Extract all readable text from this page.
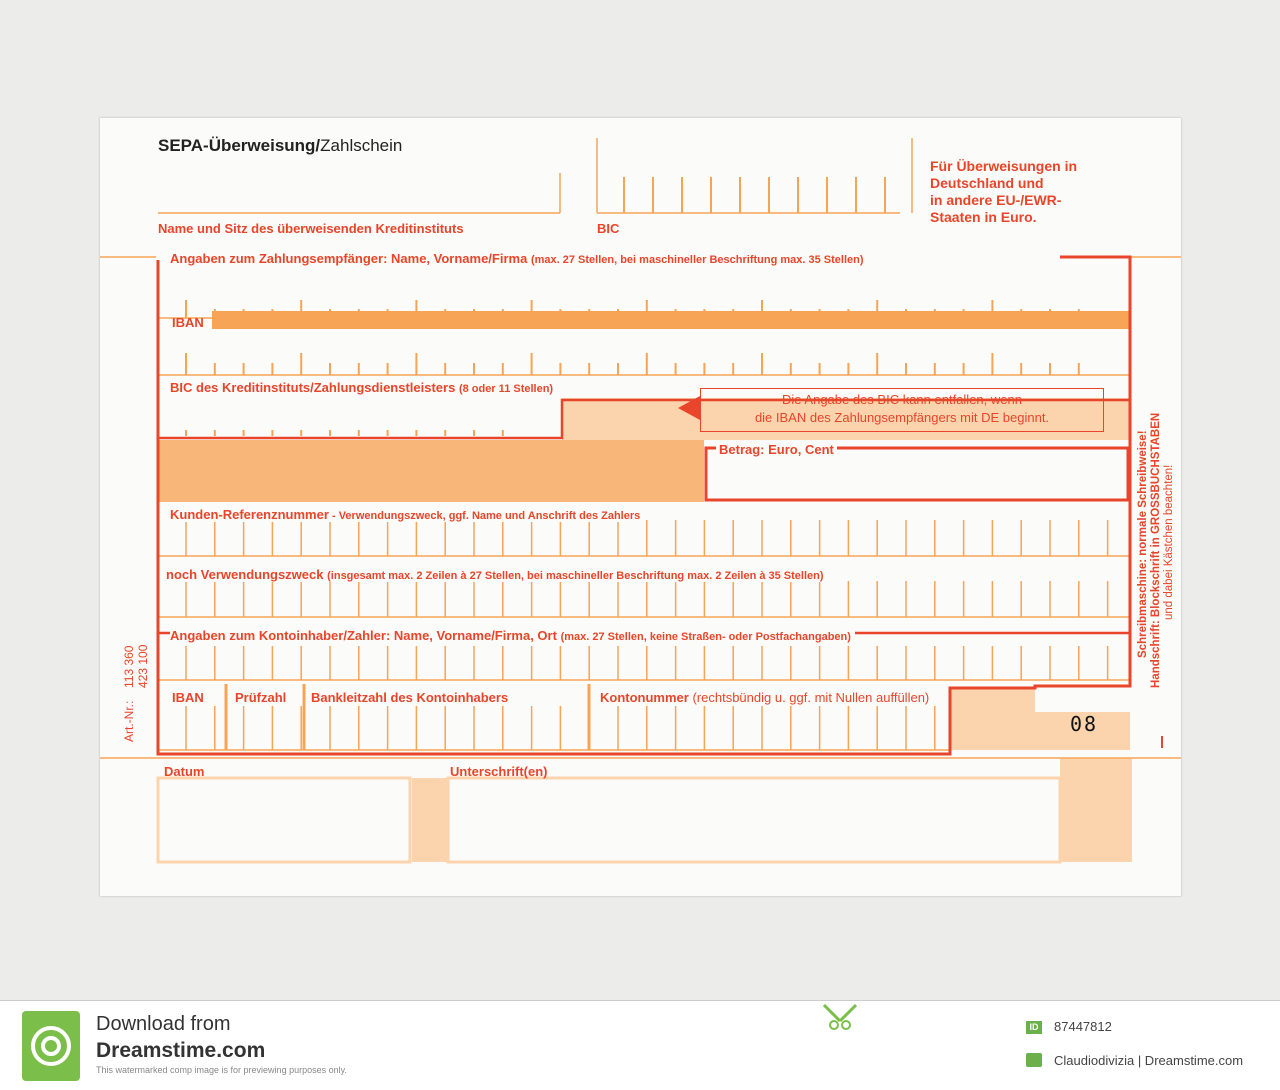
SEPA-Überweisung/Zahlschein
Name und Sitz des überweisenden Kreditinstituts	BIC
Für Überweisungen in
Deutschland und
in andere EU-/EWR-
Staaten in Euro.
Angaben zum Zahlungsempfänger: Name, Vorname/Firma (max. 27 Stellen, bei maschineller Beschriftung max. 35 Stellen)
IBAN
BIC des Kreditinstituts/Zahlungsdienstleisters (8 oder 11 Stellen)
Die Angabe des BIC kann entfallen, wenn
die IBAN des Zahlungsempfängers mit DE beginnt.
Betrag: Euro, Cent
Kunden-Referenznummer - Verwendungszweck, ggf. Name und Anschrift des Zahlers
noch Verwendungszweck (insgesamt max. 2 Zeilen à 27 Stellen, bei maschineller Beschriftung max. 2 Zeilen à 35 Stellen)
Angaben zum Kontoinhaber/Zahler: Name, Vorname/Firma, Ort (max. 27 Stellen, keine Straßen- oder Postfachangaben)
IBAN Prüfzahl Bankleitzahl des Kontoinhabers	Kontonummer (rechtsbündig u. ggf. mit Nullen auffüllen)
08
Datum	Unterschrift(en)
Art.-Nr.:
113 360 423 100
Schreibmaschine: normale Schreibweise! Handschrift: Blockschrift in GROSSBUCHSTABEN und dabei Kästchen beachten!
Download from
Dreamstime.com
This watermarked comp image is for previewing purposes only.
ID 87447812
Claudiodivizia | Dreamstime.com
